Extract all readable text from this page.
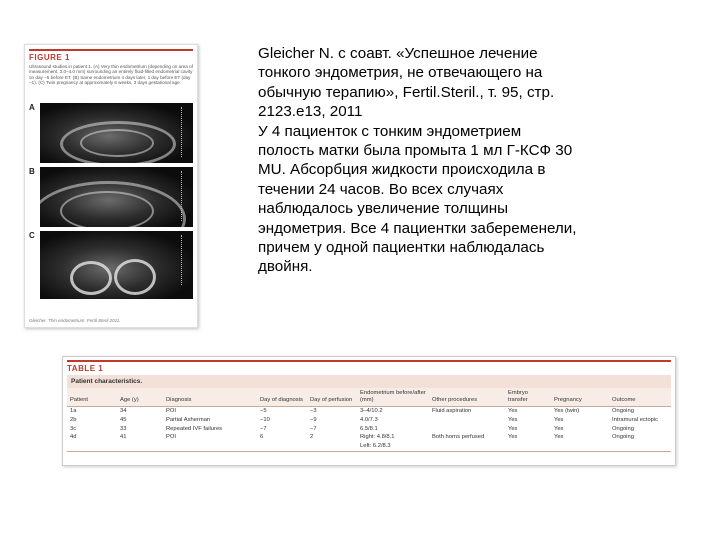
FIGURE 1
Ultrasound studies in patient 1. (A) Very thin endometrium (depending on area of measurement, 3.0–4.0 mm) surrounding an entirely fluid-filled endometrial cavity on day −5 before ET. (B) Same endometrium 4 days later, 1 day before ET (day −1). (C) Twin pregnancy at approximately 6 weeks, 3 days gestational age.
A
B
C
Gleicher. Thin endometrium. Fertil Steril 2011.

Gleicher N. с соавт. «Успешное лечение

тонкого эндометрия, не отвечающего на

обычную терапию», Fertil.Steril., т. 95, стр.

2123.e13, 2011

У 4 пациенток с тонким эндометрием

полость матки была промыта 1 мл Г-КСФ 30

MU. Абсорбция жидкости происходила в

течении 24 часов. Во всех случаях

наблюдалось увеличение толщины

эндометрия. Все 4 пациентки забеременели,

причем у одной пациентки наблюдалась

двойня.

TABLE 1
Patient characteristics.
Patient	Age (y)	Diagnosis	Day of diagnosis	Day of perfusion	Endometrium before/after (mm)	Other procedures	Embryo transfer	Pregnancy	Outcome
1a	34	POI	−5	−3	3–4/10.2	Fluid aspiration	Yes	Yes (twin)	Ongoing
2b	45	Partial Asherman	−10	−9	4.0/7.3		Yes	Yes	Intramural ectopic
3c	33	Repeated IVF failures	−7	−7	6.5/8.1		Yes	Yes	Ongoing
4d	41	POI	6	2	Right: 4.8/8.1	Both horns perfused	Yes	Yes	Ongoing
					Left: 6.2/8.3				
